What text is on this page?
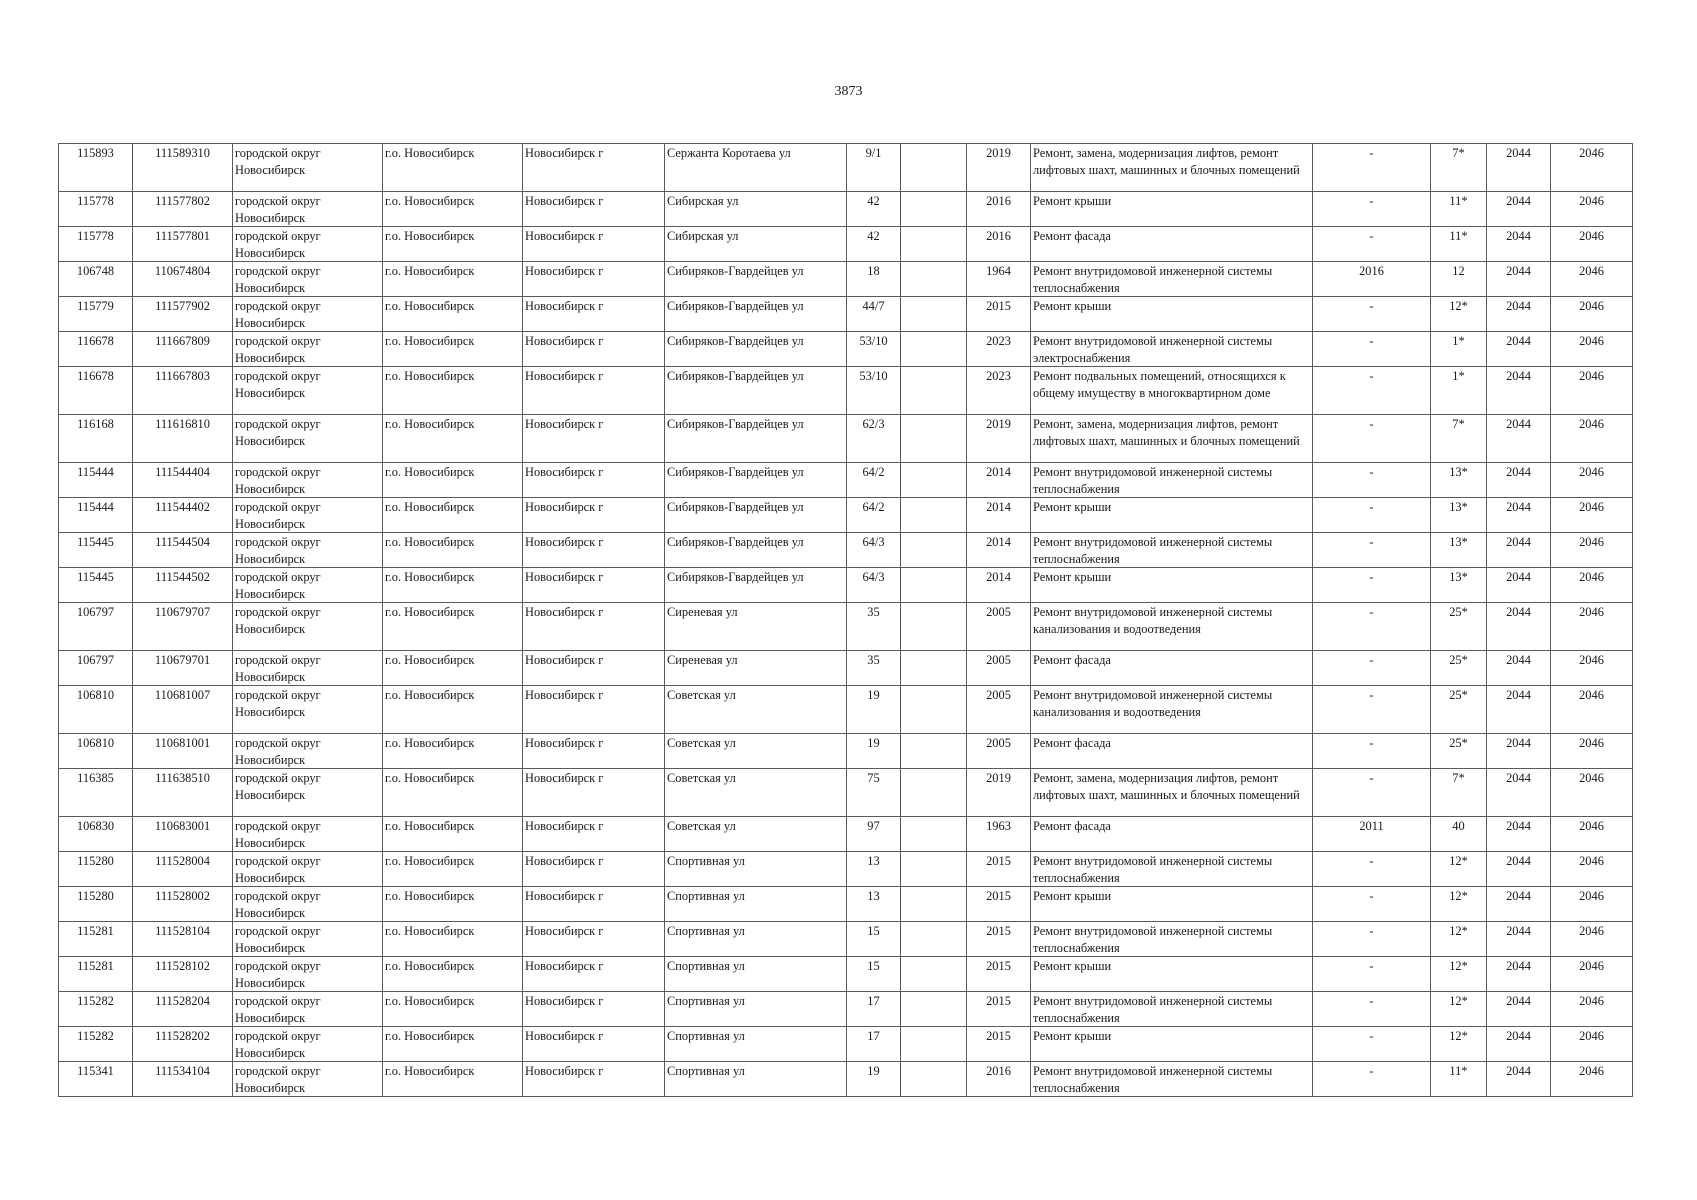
3873
115893	111589310	городской округ Новосибирск	г.о. Новосибирск	Новосибирск г	Сержанта Коротаева ул	9/1		2019	Ремонт, замена, модернизация лифтов, ремонт лифтовых шахт, машинных и блочных помещений	-	7*	2044	2046
115778	111577802	городской округ Новосибирск	г.о. Новосибирск	Новосибирск г	Сибирская ул	42		2016	Ремонт крыши	-	11*	2044	2046
115778	111577801	городской округ Новосибирск	г.о. Новосибирск	Новосибирск г	Сибирская ул	42		2016	Ремонт фасада	-	11*	2044	2046
106748	110674804	городской округ Новосибирск	г.о. Новосибирск	Новосибирск г	Сибиряков-Гвардейцев ул	18		1964	Ремонт внутридомовой инженерной системы теплоснабжения	2016	12	2044	2046
115779	111577902	городской округ Новосибирск	г.о. Новосибирск	Новосибирск г	Сибиряков-Гвардейцев ул	44/7		2015	Ремонт крыши	-	12*	2044	2046
116678	111667809	городской округ Новосибирск	г.о. Новосибирск	Новосибирск г	Сибиряков-Гвардейцев ул	53/10		2023	Ремонт внутридомовой инженерной системы электроснабжения	-	1*	2044	2046
116678	111667803	городской округ Новосибирск	г.о. Новосибирск	Новосибирск г	Сибиряков-Гвардейцев ул	53/10		2023	Ремонт подвальных помещений, относящихся к общему имуществу в многоквартирном доме	-	1*	2044	2046
116168	111616810	городской округ Новосибирск	г.о. Новосибирск	Новосибирск г	Сибиряков-Гвардейцев ул	62/3		2019	Ремонт, замена, модернизация лифтов, ремонт лифтовых шахт, машинных и блочных помещений	-	7*	2044	2046
115444	111544404	городской округ Новосибирск	г.о. Новосибирск	Новосибирск г	Сибиряков-Гвардейцев ул	64/2		2014	Ремонт внутридомовой инженерной системы теплоснабжения	-	13*	2044	2046
115444	111544402	городской округ Новосибирск	г.о. Новосибирск	Новосибирск г	Сибиряков-Гвардейцев ул	64/2		2014	Ремонт крыши	-	13*	2044	2046
115445	111544504	городской округ Новосибирск	г.о. Новосибирск	Новосибирск г	Сибиряков-Гвардейцев ул	64/3		2014	Ремонт внутридомовой инженерной системы теплоснабжения	-	13*	2044	2046
115445	111544502	городской округ Новосибирск	г.о. Новосибирск	Новосибирск г	Сибиряков-Гвардейцев ул	64/3		2014	Ремонт крыши	-	13*	2044	2046
106797	110679707	городской округ Новосибирск	г.о. Новосибирск	Новосибирск г	Сиреневая ул	35		2005	Ремонт внутридомовой инженерной системы канализования и водоотведения	-	25*	2044	2046
106797	110679701	городской округ Новосибирск	г.о. Новосибирск	Новосибирск г	Сиреневая ул	35		2005	Ремонт фасада	-	25*	2044	2046
106810	110681007	городской округ Новосибирск	г.о. Новосибирск	Новосибирск г	Советская ул	19		2005	Ремонт внутридомовой инженерной системы канализования и водоотведения	-	25*	2044	2046
106810	110681001	городской округ Новосибирск	г.о. Новосибирск	Новосибирск г	Советская ул	19		2005	Ремонт фасада	-	25*	2044	2046
116385	111638510	городской округ Новосибирск	г.о. Новосибирск	Новосибирск г	Советская ул	75		2019	Ремонт, замена, модернизация лифтов, ремонт лифтовых шахт, машинных и блочных помещений	-	7*	2044	2046
106830	110683001	городской округ Новосибирск	г.о. Новосибирск	Новосибирск г	Советская ул	97		1963	Ремонт фасада	2011	40	2044	2046
115280	111528004	городской округ Новосибирск	г.о. Новосибирск	Новосибирск г	Спортивная ул	13		2015	Ремонт внутридомовой инженерной системы теплоснабжения	-	12*	2044	2046
115280	111528002	городской округ Новосибирск	г.о. Новосибирск	Новосибирск г	Спортивная ул	13		2015	Ремонт крыши	-	12*	2044	2046
115281	111528104	городской округ Новосибирск	г.о. Новосибирск	Новосибирск г	Спортивная ул	15		2015	Ремонт внутридомовой инженерной системы теплоснабжения	-	12*	2044	2046
115281	111528102	городской округ Новосибирск	г.о. Новосибирск	Новосибирск г	Спортивная ул	15		2015	Ремонт крыши	-	12*	2044	2046
115282	111528204	городской округ Новосибирск	г.о. Новосибирск	Новосибирск г	Спортивная ул	17		2015	Ремонт внутридомовой инженерной системы теплоснабжения	-	12*	2044	2046
115282	111528202	городской округ Новосибирск	г.о. Новосибирск	Новосибирск г	Спортивная ул	17		2015	Ремонт крыши	-	12*	2044	2046
115341	111534104	городской округ Новосибирск	г.о. Новосибирск	Новосибирск г	Спортивная ул	19		2016	Ремонт внутридомовой инженерной системы теплоснабжения	-	11*	2044	2046
